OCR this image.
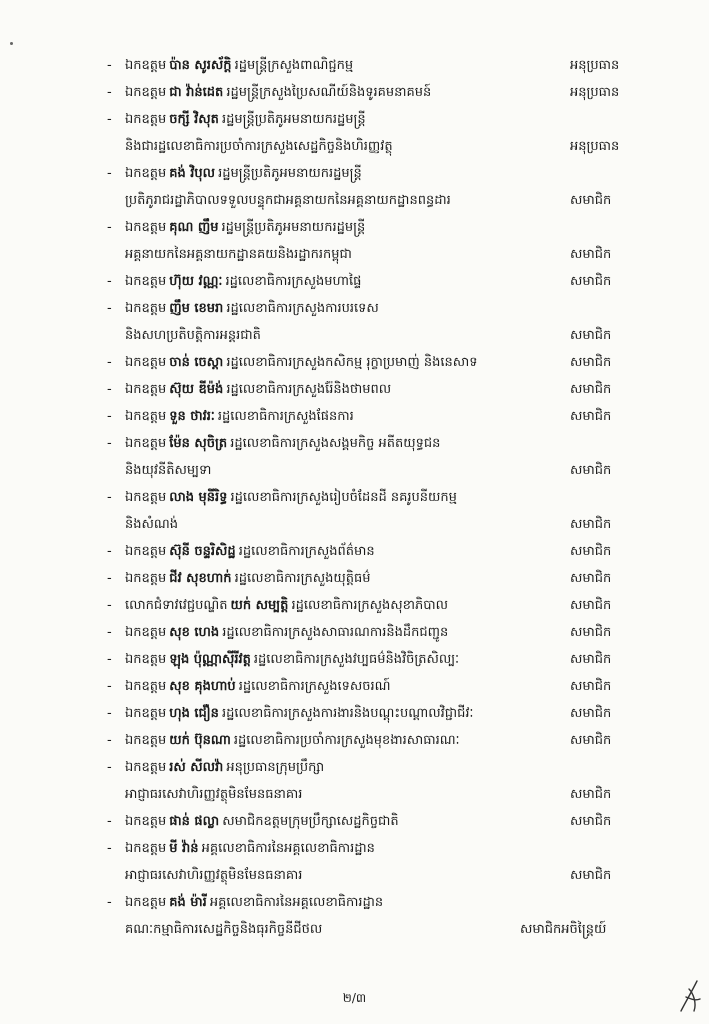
- ឯកឧត្តម ប៉ាន សូរស័ក្តិ រដ្ឋមន្ត្រីក្រសួងពាណិជ្ជកម្ម	អនុប្រធាន
- ឯកឧត្តម ជា វ៉ាន់ដេត រដ្ឋមន្ត្រីក្រសួងប្រៃសណីយ៍និងទូរគមនាគមន៍	អនុប្រធាន
- ឯកឧត្តម ចក្សី វិសុត រដ្ឋមន្ត្រីប្រតិភូអមនាយករដ្ឋមន្ត្រី
និងជារដ្ឋលេខាធិការប្រចាំការក្រសួងសេដ្ឋកិច្ចនិងហិរញ្ញវត្ថុ	អនុប្រធាន
- ឯកឧត្តម គង់ វិបុល រដ្ឋមន្ត្រីប្រតិភូអមនាយករដ្ឋមន្ត្រី
ប្រតិភូរាជរដ្ឋាភិបាលទទួលបន្ទុកជាអគ្គនាយកនៃអគ្គនាយកដ្ឋានពន្ធដារ	សមាជិក
- ឯកឧត្តម គុណ ញឹម រដ្ឋមន្ត្រីប្រតិភូអមនាយករដ្ឋមន្ត្រី
អគ្គនាយកនៃអគ្គនាយកដ្ឋានគយនិងរដ្ឋាករកម្ពុជា	សមាជិក
- ឯកឧត្តម ហ៊ុយ វណ្ណៈ រដ្ឋលេខាធិការក្រសួងមហាផ្ទៃ	សមាជិក
- ឯកឧត្តម ញឹម ខេមរា រដ្ឋលេខាធិការក្រសួងការបរទេស
និងសហប្រតិបត្តិការអន្តរជាតិ	សមាជិក
- ឯកឧត្តម ចាន់ ចេស្តា រដ្ឋលេខាធិការក្រសួងកសិកម្ម រុក្ខាប្រមាញ់ និងនេសាទ	សមាជិក
- ឯកឧត្តម ស៊ុយ ឌីម៉ង់ រដ្ឋលេខាធិការក្រសួងរ៉ែនិងថាមពល	សមាជិក
- ឯកឧត្តម ទួន ថាវរៈ រដ្ឋលេខាធិការក្រសួងផែនការ	សមាជិក
- ឯកឧត្តម ម៉ែន សុចិត្រ រដ្ឋលេខាធិការក្រសួងសង្គមកិច្ច អតីតយុទ្ធជន
និងយុវនីតិសម្បទា	សមាជិក
- ឯកឧត្តម លាង មុនីរិទ្ធ រដ្ឋលេខាធិការក្រសួងរៀបចំដែនដី នគរូបនីយកម្ម
និងសំណង់	សមាជិក
- ឯកឧត្តម ស៊ុនី ចន្ទរិសិដ្ឋ រដ្ឋលេខាធិការក្រសួងព័ត៌មាន	សមាជិក
- ឯកឧត្តម ជីវ សុខហាក់ រដ្ឋលេខាធិការក្រសួងយុត្តិធម៌	សមាជិក
- លោកជំទាវវេជ្ជបណ្ឌិត យក់ សម្បត្តិ រដ្ឋលេខាធិការក្រសួងសុខាភិបាល	សមាជិក
- ឯកឧត្តម សុខ ហេង រដ្ឋលេខាធិការក្រសួងសាធារណការនិងដឹកជញ្ជូន	សមាជិក
- ឯកឧត្តម ឡុង ប៉ុណ្ណាស៊ីរីវត្ត រដ្ឋលេខាធិការក្រសួងវប្បធម៌និងវិចិត្រសិល្បៈ	សមាជិក
- ឯកឧត្តម សុខ គុងហាប់ រដ្ឋលេខាធិការក្រសួងទេសចរណ៍	សមាជិក
- ឯកឧត្តម ហុង ជឿន រដ្ឋលេខាធិការក្រសួងការងារនិងបណ្តុះបណ្តាលវិជ្ជាជីវៈ	សមាជិក
- ឯកឧត្តម យក់ ប៊ុនណា រដ្ឋលេខាធិការប្រចាំការក្រសួងមុខងារសាធារណៈ	សមាជិក
- ឯកឧត្តម រស់ សីលវ៉ា អនុប្រធានក្រុមប្រឹក្សា
អាជ្ញាធរសេវាហិរញ្ញវត្ថុមិនមែនធនាគារ	សមាជិក
- ឯកឧត្តម ផាន់ ផល្លា សមាជិកឧត្តមក្រុមប្រឹក្សាសេដ្ឋកិច្ចជាតិ	សមាជិក
- ឯកឧត្តម មី វ៉ាន់ អគ្គលេខាធិការនៃអគ្គលេខាធិការដ្ឋាន
អាជ្ញាធរសេវាហិរញ្ញវត្ថុមិនមែនធនាគារ	សមាជិក
- ឯកឧត្តម គង់ ម៉ារី អគ្គលេខាធិការនៃអគ្គលេខាធិការដ្ឋាន
គណៈកម្មាធិការសេដ្ឋកិច្ចនិងធុរកិច្ចនីជីថល	សមាជិកអចិន្ត្រៃយ៍
២/៣
